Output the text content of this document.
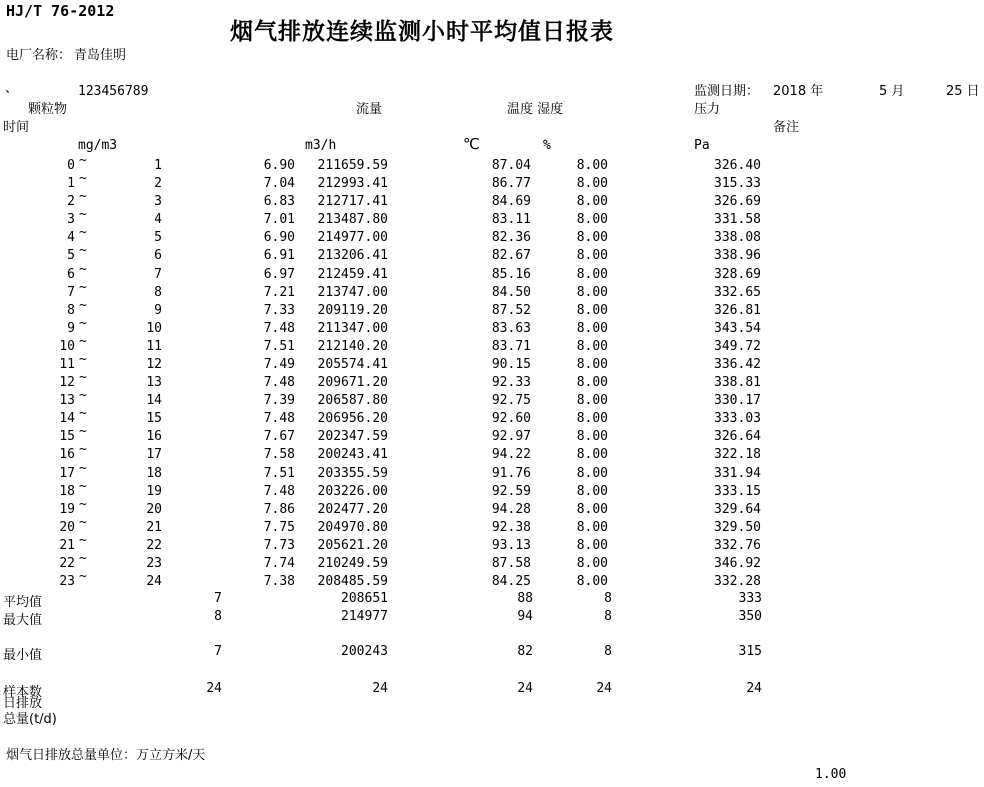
HJ/T 76-2012
烟气排放连续监测小时平均值日报表
电厂名称： 青岛佳明
、	123456789	监测日期： 2018 年	5 月	25 日
颗粒物	流量	温度 湿度	压力
时间	备注
mg/m3	m3/h	℃	%	Pa
0	1	6.90	211659.59	87.04	8.00	326.40
~
1	2	7.04	212993.41	86.77	8.00	315.33
~
2	3	6.83	212717.41	84.69	8.00	326.69
~
3	4	7.01	213487.80	83.11	8.00	331.58
~
4	5	6.90	214977.00	82.36	8.00	338.08
~
5	6	6.91	213206.41	82.67	8.00	338.96
~
6	7	6.97	212459.41	85.16	8.00	328.69
~
7	8	7.21	213747.00	84.50	8.00	332.65
~
8	9	7.33	209119.20	87.52	8.00	326.81
~
9	10	7.48	211347.00	83.63	8.00	343.54
~
10	11	7.51	212140.20	83.71	8.00	349.72
~
11	12	7.49	205574.41	90.15	8.00	336.42
~
12	13	7.48	209671.20	92.33	8.00	338.81
~
13	14	7.39	206587.80	92.75	8.00	330.17
~
14	15	7.48	206956.20	92.60	8.00	333.03
~
15	16	7.67	202347.59	92.97	8.00	326.64
~
16	17	7.58	200243.41	94.22	8.00	322.18
~
17	18	7.51	203355.59	91.76	8.00	331.94
~
18	19	7.48	203226.00	92.59	8.00	333.15
~
19	20	7.86	202477.20	94.28	8.00	329.64
~
20	21	7.75	204970.80	92.38	8.00	329.50
~
21	22	7.73	205621.20	93.13	8.00	332.76
~
22	23	7.74	210249.59	87.58	8.00	346.92
~
23	24	7.38	208485.59	84.25	8.00	332.28
~
平均值	7	208651	88	8	333
最大值	8	214977	94	8	350
最小值	7	200243	82	8	315
样本数	24	24	24	24	24
日排放
总量(t/d)
烟气日排放总量单位：万立方米/天
1.00
